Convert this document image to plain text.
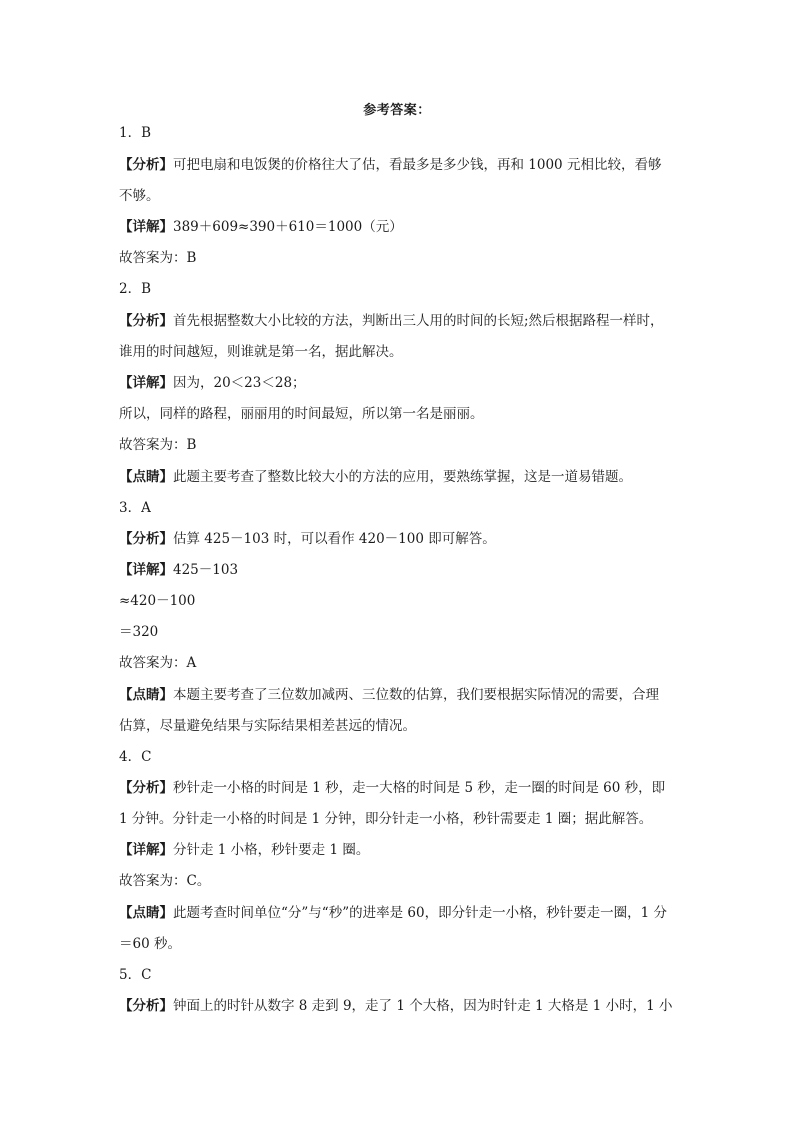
参考答案：
1．B
【分析】可把电扇和电饭煲的价格往大了估，看最多是多少钱，再和 1000 元相比较，看够
不够。
【详解】389＋609≈390＋610＝1000（元）
故答案为：B
2．B
【分析】首先根据整数大小比较的方法，判断出三人用的时间的长短;然后根据路程一样时，
谁用的时间越短，则谁就是第一名，据此解决。
【详解】因为，20＜23＜28；
所以，同样的路程，丽丽用的时间最短，所以第一名是丽丽。
故答案为：B
【点睛】此题主要考查了整数比较大小的方法的应用，要熟练掌握，这是一道易错题。
3．A
【分析】估算 425－103 时，可以看作 420－100 即可解答。
【详解】425－103
≈420－100
＝320
故答案为：A
【点睛】本题主要考查了三位数加减两、三位数的估算，我们要根据实际情况的需要，合理
估算，尽量避免结果与实际结果相差甚远的情况。
4．C
【分析】秒针走一小格的时间是 1 秒，走一大格的时间是 5 秒，走一圈的时间是 60 秒，即
1 分钟。分针走一小格的时间是 1 分钟，即分针走一小格，秒针需要走 1 圈；据此解答。
【详解】分针走 1 小格，秒针要走 1 圈。
故答案为：C。
【点睛】此题考查时间单位“分”与“秒”的进率是 60，即分针走一小格，秒针要走一圈，1 分
＝60 秒。
5．C
【分析】钟面上的时针从数字 8 走到 9，走了 1 个大格，因为时针走 1 大格是 1 小时，1 小
